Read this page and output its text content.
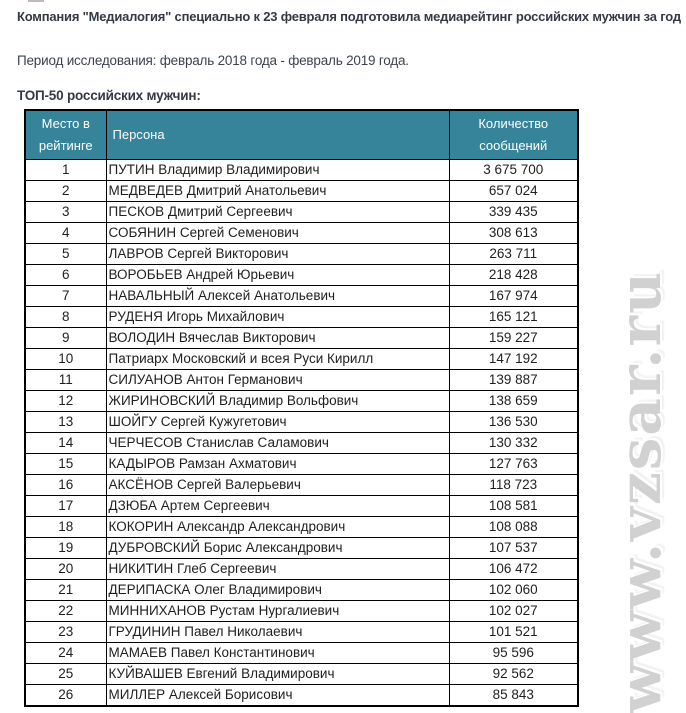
Компания "Медиалогия" специально к 23 февраля подготовила медиарейтинг российских мужчин за год
Период исследования: февраль 2018 года - февраль 2019 года.
ТОП-50 российских мужчин:
Место в рейтинге	Персона	Количество сообщений
1	ПУТИН Владимир Владимирович	3 675 700
2	МЕДВЕДЕВ Дмитрий Анатольевич	657 024
3	ПЕСКОВ Дмитрий Сергеевич	339 435
4	СОБЯНИН Сергей Семенович	308 613
5	ЛАВРОВ Сергей Викторович	263 711
6	ВОРОБЬЕВ Андрей Юрьевич	218 428
7	НАВАЛЬНЫЙ Алексей Анатольевич	167 974
8	РУДЕНЯ Игорь Михайлович	165 121
9	ВОЛОДИН Вячеслав Викторович	159 227
10	Патриарх Московский и всея Руси Кирилл	147 192
11	СИЛУАНОВ Антон Германович	139 887
12	ЖИРИНОВСКИЙ Владимир Вольфович	138 659
13	ШОЙГУ Сергей Кужугетович	136 530
14	ЧЕРЧЕСОВ Станислав Саламович	130 332
15	КАДЫРОВ Рамзан Ахматович	127 763
16	АКСЁНОВ Сергей Валерьевич	118 723
17	ДЗЮБА Артем Сергеевич	108 581
18	КОКОРИН Александр Александрович	108 088
19	ДУБРОВСКИЙ Борис Александрович	107 537
20	НИКИТИН Глеб Сергеевич	106 472
21	ДЕРИПАСКА Олег Владимирович	102 060
22	МИННИХАНОВ Рустам Нургалиевич	102 027
23	ГРУДИНИН Павел Николаевич	101 521
24	МАМАЕВ Павел Константинович	95 596
25	КУЙВАШЕВ Евгений Владимирович	92 562
26	МИЛЛЕР Алексей Борисович	85 843 www.vzsar.ru
